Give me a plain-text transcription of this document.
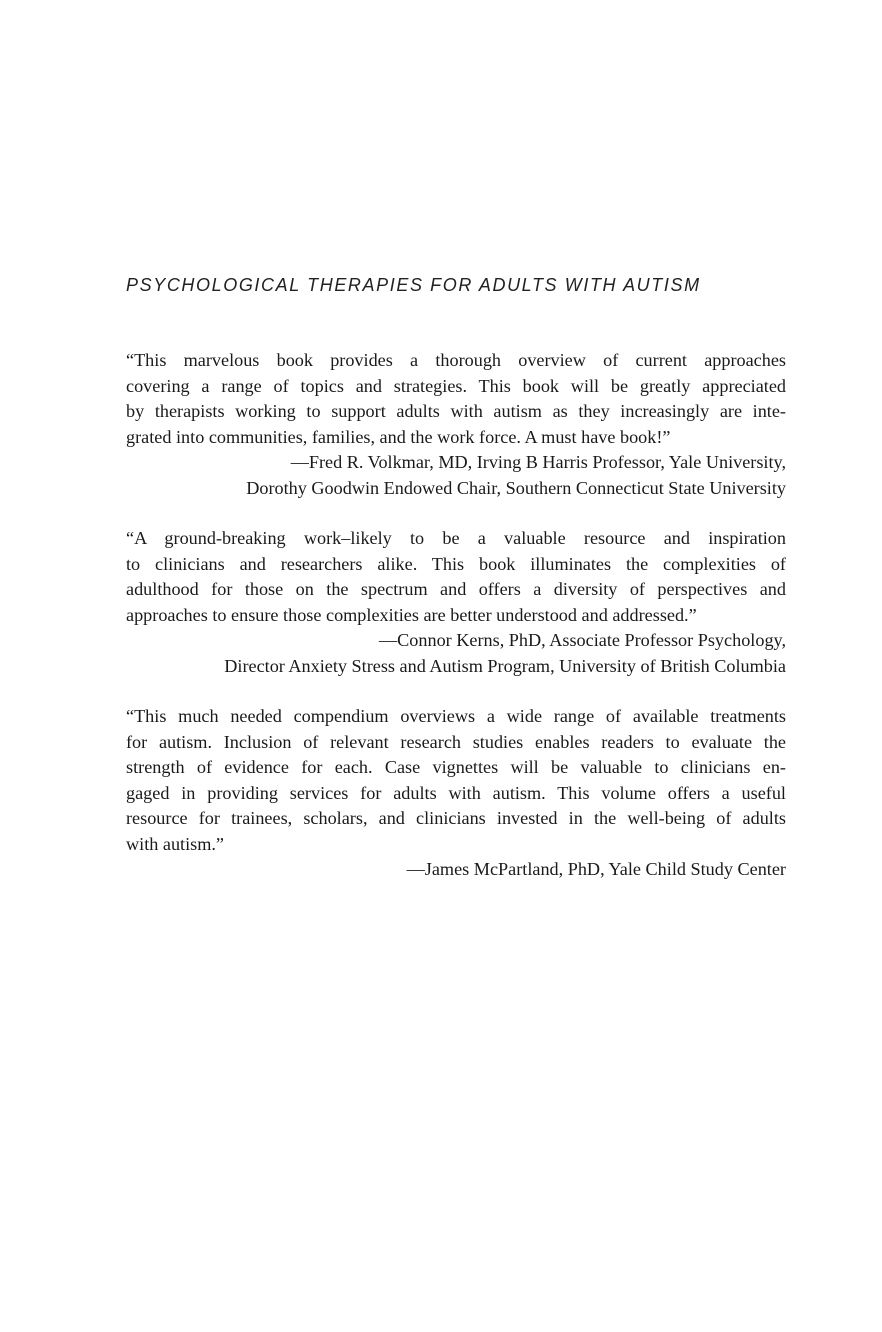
PSYCHOLOGICAL THERAPIES FOR ADULTS WITH AUTISM

“This marvelous book provides a thorough overview of current approaches
covering a range of topics and strategies. This book will be greatly appreciated
by therapists working to support adults with autism as they increasingly are inte-
grated into communities, families, and the work force. A must have book!”

—Fred R. Volkmar, MD, Irving B Harris Professor, Yale University,
Dorothy Goodwin Endowed Chair, Southern Connecticut State University

“A ground-breaking work–likely to be a valuable resource and inspiration
to clinicians and researchers alike. This book illuminates the complexities of
adulthood for those on the spectrum and offers a diversity of perspectives and
approaches to ensure those complexities are better understood and addressed.”

—Connor Kerns, PhD, Associate Professor Psychology,
Director Anxiety Stress and Autism Program, University of British Columbia

“This much needed compendium overviews a wide range of available treatments
for autism. Inclusion of relevant research studies enables readers to evaluate the
strength of evidence for each. Case vignettes will be valuable to clinicians en-
gaged in providing services for adults with autism. This volume offers a useful
resource for trainees, scholars, and clinicians invested in the well-being of adults
with autism.”

—James McPartland, PhD, Yale Child Study Center
